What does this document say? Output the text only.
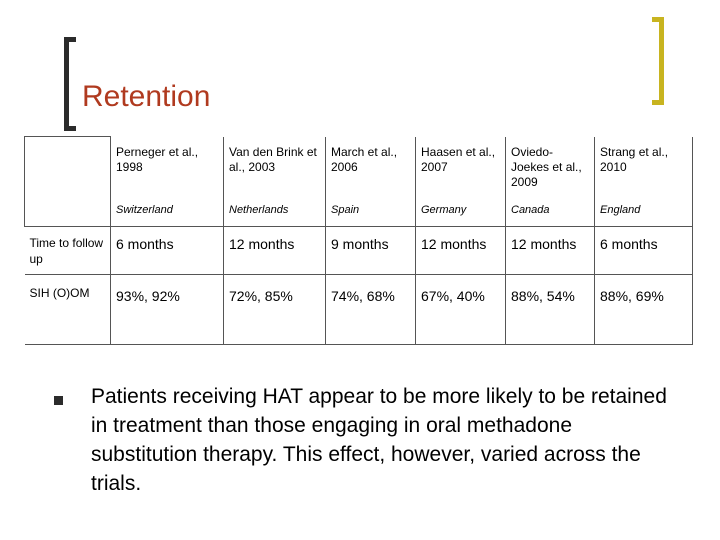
Retention
	Perneger et al., 1998	Van den Brink et al., 2003	March et al., 2006	Haasen et al., 2007	Oviedo-Joekes et al., 2009	Strang et al., 2010
	Switzerland	Netherlands	Spain	Germany	Canada	England
Time to follow up	6 months	12 months	9 months	12 months	12 months	6 months
SIH (O)OM	93%, 92%	72%, 85%	74%, 68%	67%, 40%	88%, 54%	88%, 69%
Patients receiving HAT appear to be more likely to be retained in treatment than those engaging in oral methadone substitution therapy. This effect, however, varied across the trials.
